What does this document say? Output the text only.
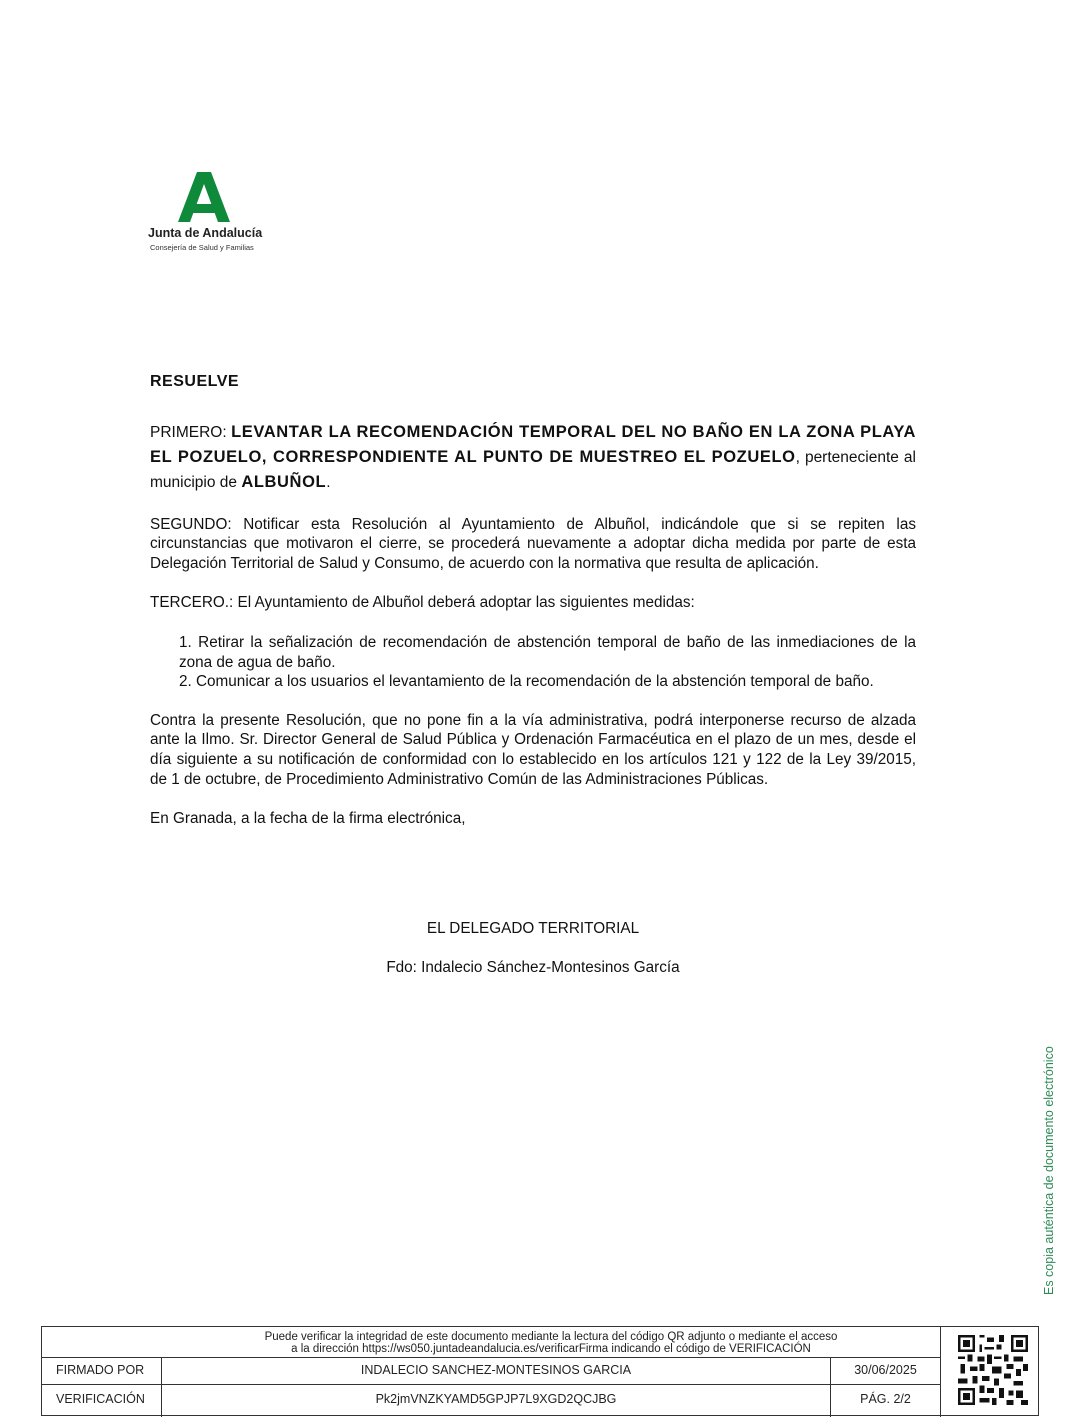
Junta de Andalucía
Consejería de Salud y Familias
RESUELVE
PRIMERO: LEVANTAR LA RECOMENDACIÓN TEMPORAL DEL NO BAÑO EN LA ZONA PLAYA EL POZUELO, CORRESPONDIENTE AL PUNTO DE MUESTREO EL POZUELO, perteneciente al municipio de ALBUÑOL.
SEGUNDO: Notificar esta Resolución al Ayuntamiento de Albuñol, indicándole que si se repiten las circunstancias que motivaron el cierre, se procederá nuevamente a adoptar dicha medida por parte de esta Delegación Territorial de Salud y Consumo, de acuerdo con la normativa que resulta de aplicación.
TERCERO.: El Ayuntamiento de Albuñol deberá adoptar las siguientes medidas:
1. Retirar la señalización de recomendación de abstención temporal de baño de las inmediaciones de la zona de agua de baño.
2. Comunicar a los usuarios el levantamiento de la recomendación de la abstención temporal de baño.
Contra la presente Resolución, que no pone fin a la vía administrativa, podrá interponerse recurso de alzada ante la Ilmo. Sr. Director General de Salud Pública y Ordenación Farmacéutica en el plazo de un mes, desde el día siguiente a su notificación de conformidad con lo establecido en los artículos 121 y 122 de la Ley 39/2015, de 1 de octubre, de Procedimiento Administrativo Común de las Administraciones Públicas.
En Granada, a la fecha de la firma electrónica,
EL DELEGADO TERRITORIAL
Fdo: Indalecio Sánchez-Montesinos García
Es copia auténtica de documento electrónico
Puede verificar la integridad de este documento mediante la lectura del código QR adjunto o mediante el acceso
a la dirección https://ws050.juntadeandalucia.es/verificarFirma indicando el código de VERIFICACIÓN
FIRMADO POR	INDALECIO SANCHEZ-MONTESINOS GARCIA	30/06/2025
VERIFICACIÓN	Pk2jmVNZKYAMD5GPJP7L9XGD2QCJBG	PÁG. 2/2
